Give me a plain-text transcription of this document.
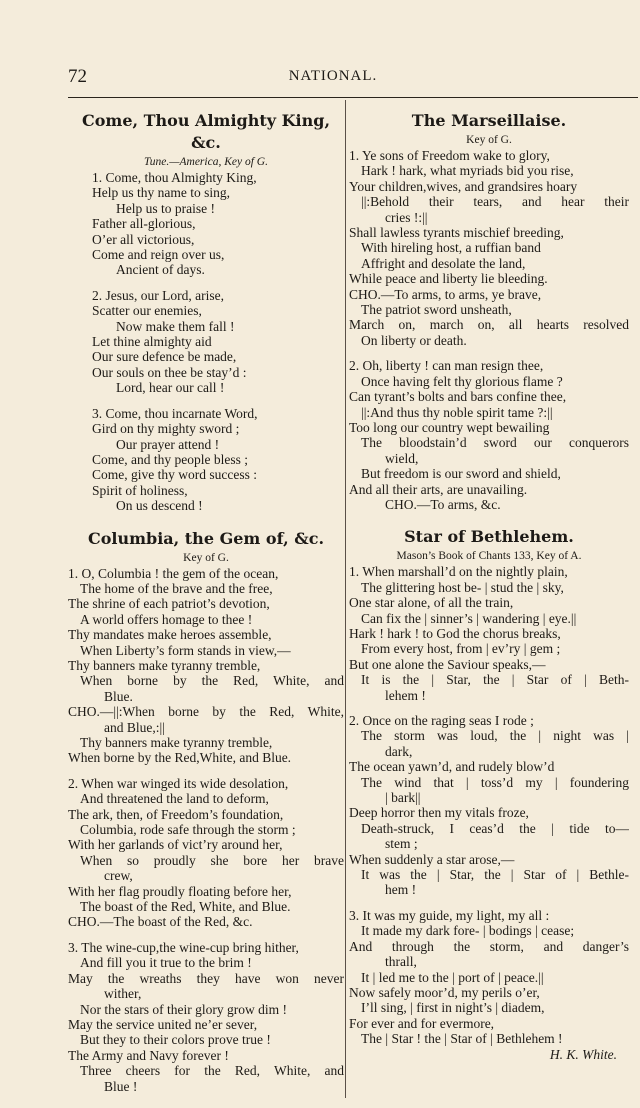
72	NATIONAL.
Come, Thou Almighty King, &c.

Tune.—America, Key of G.

1. Come, thou Almighty King,
Help us thy name to sing,
Help us to praise !
Father all-glorious,
O’er all victorious,
Come and reign over us,
Ancient of days.
2. Jesus, our Lord, arise,
Scatter our enemies,
Now make them fall !
Let thine almighty aid
Our sure defence be made,
Our souls on thee be stay’d :
Lord, hear our call !
3. Come, thou incarnate Word,
Gird on thy mighty sword ;
Our prayer attend !
Come, and thy people bless ;
Come, give thy word success :
Spirit of holiness,
On us descend !
Columbia, the Gem of, &c.

Key of G.

1. O, Columbia ! the gem of the ocean,
The home of the brave and the free,
The shrine of each patriot’s devotion,
A world offers homage to thee !
Thy mandates make heroes assemble,
When Liberty’s form stands in view,—
Thy banners make tyranny tremble,
When borne by the Red, White, and
Blue.
CHO.—||:When borne by the Red, White,
and Blue,:||
Thy banners make tyranny tremble,
When borne by the Red,White, and Blue.
2. When war winged its wide desolation,
And threatened the land to deform,
The ark, then, of Freedom’s foundation,
Columbia, rode safe through the storm ;
With her garlands of vict’ry around her,
When so proudly she bore her brave
crew,
With her flag proudly floating before her,
The boast of the Red, White, and Blue.
CHO.—The boast of the Red, &c.
3. The wine-cup,the wine-cup bring hither,
And fill you it true to the brim !
May the wreaths they have won never
wither,
Nor the stars of their glory grow dim !
May the service united ne’er sever,
But they to their colors prove true !
The Army and Navy forever !
Three cheers for the Red, White, and
Blue !
The Marseillaise.

Key of G.

1. Ye sons of Freedom wake to glory,
Hark ! hark, what myriads bid you rise,
Your children,wives, and grandsires hoary
||:Behold their tears, and hear their
cries !:||
Shall lawless tyrants mischief breeding,
With hireling host, a ruffian band
Affright and desolate the land,
While peace and liberty lie bleeding.
CHO.—To arms, to arms, ye brave,
The patriot sword unsheath,
March on, march on, all hearts resolved
On liberty or death.
2. Oh, liberty ! can man resign thee,
Once having felt thy glorious flame ?
Can tyrant’s bolts and bars confine thee,
||:And thus thy noble spirit tame ?:||
Too long our country wept bewailing
The bloodstain’d sword our conquerors
wield,
But freedom is our sword and shield,
And all their arts, are unavailing.
CHO.—To arms, &c.
Star of Bethlehem.

Mason’s Book of Chants 133, Key of A.

1. When marshall’d on the nightly plain,
The glittering host be- | stud the | sky,
One star alone, of all the train,
Can fix the | sinner’s | wandering | eye.||
Hark ! hark ! to God the chorus breaks,
From every host, from | ev’ry | gem ;
But one alone the Saviour speaks,—
It is the | Star, the | Star of | Beth-
lehem !
2. Once on the raging seas I rode ;
The storm was loud, the | night was |
dark,
The ocean yawn’d, and rudely blow’d
The wind that | toss’d my | foundering
| bark||
Deep horror then my vitals froze,
Death-struck, I ceas’d the | tide to—
stem ;
When suddenly a star arose,—
It was the | Star, the | Star of | Bethle-
hem !
3. It was my guide, my light, my all :
It made my dark fore- | bodings | cease;
And through the storm, and danger’s
thrall,
It | led me to the | port of | peace.||
Now safely moor’d, my perils o’er,
I’ll sing, | first in night’s | diadem,
For ever and for evermore,
The | Star ! the | Star of | Bethlehem !
H. K. White.
